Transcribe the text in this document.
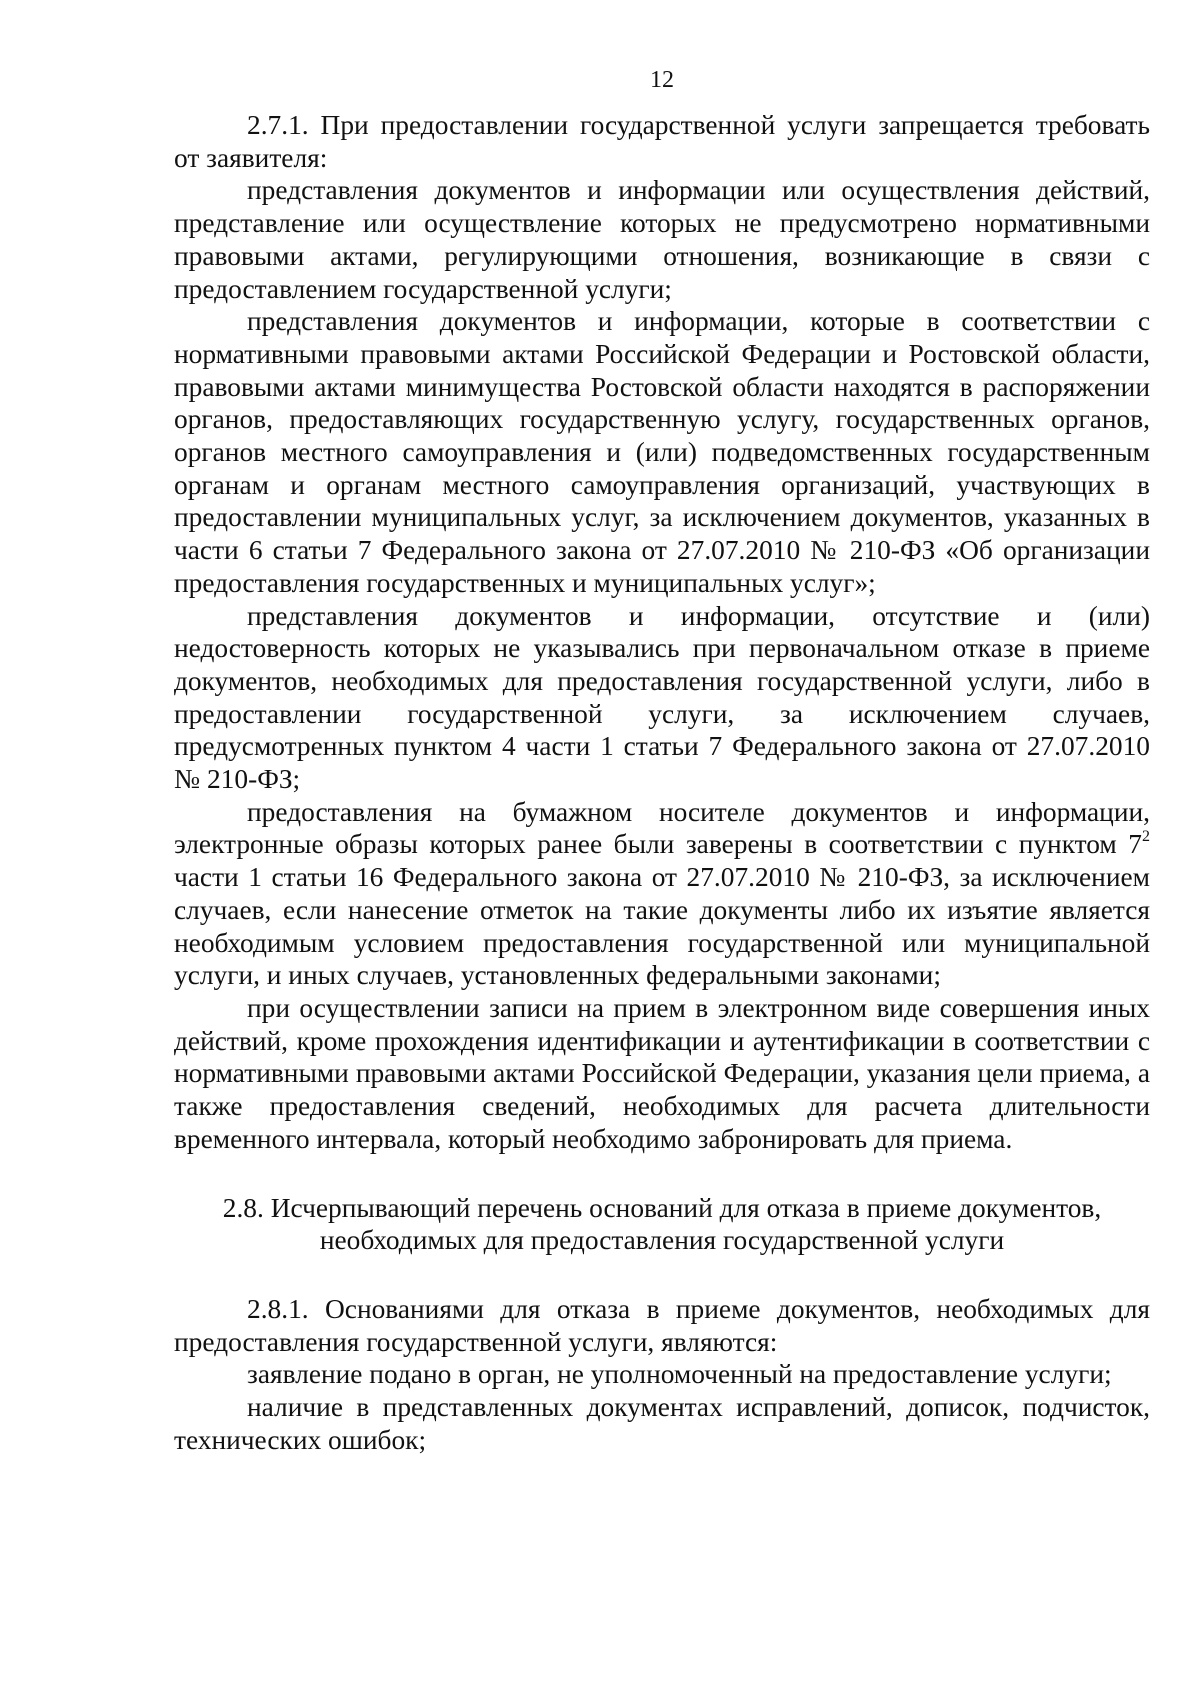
12

2.7.1. При предоставлении государственной услуги запрещается требовать от заявителя:

представления документов и информации или осуществления действий, представление или осуществление которых не предусмотрено нормативными правовыми актами, регулирующими отношения, возникающие в связи с предоставлением государственной услуги;

представления документов и информации, которые в соответствии с нормативными правовыми актами Российской Федерации и Ростовской области, правовыми актами минимущества Ростовской области находятся в распоряжении органов, предоставляющих государственную услугу, государственных органов, органов местного самоуправления и (или) подведомственных государственным органам и органам местного самоуправления организаций, участвующих в предоставлении муниципальных услуг, за исключением документов, указанных в части 6 статьи 7 Федерального закона от 27.07.2010 № 210-ФЗ «Об организации предоставления государственных и муниципальных услуг»;

представления документов и информации, отсутствие и (или) недостоверность которых не указывались при первоначальном отказе в приеме документов, необходимых для предоставления государственной услуги, либо в предоставлении государственной услуги, за исключением случаев, предусмотренных пунктом 4 части 1 статьи 7 Федерального закона от 27.07.2010 № 210-ФЗ;

предоставления на бумажном носителе документов и информации, электронные образы которых ранее были заверены в соответствии с пунктом $7^2$ части 1 статьи 16 Федерального закона от 27.07.2010 № 210-ФЗ, за исключением случаев, если нанесение отметок на такие документы либо их изъятие является необходимым условием предоставления государственной или муниципальной услуги, и иных случаев, установленных федеральными законами;

при осуществлении записи на прием в электронном виде совершения иных действий, кроме прохождения идентификации и аутентификации в соответствии с нормативными правовыми актами Российской Федерации, указания цели приема, а также предоставления сведений, необходимых для расчета длительности временного интервала, который необходимо забронировать для приема.

2.8. Исчерпывающий перечень оснований для отказа в приеме документов,
необходимых для предоставления государственной услуги

2.8.1. Основаниями для отказа в приеме документов, необходимых для предоставления государственной услуги, являются:

заявление подано в орган, не уполномоченный на предоставление услуги;

наличие в представленных документах исправлений, дописок, подчисток, технических ошибок;
